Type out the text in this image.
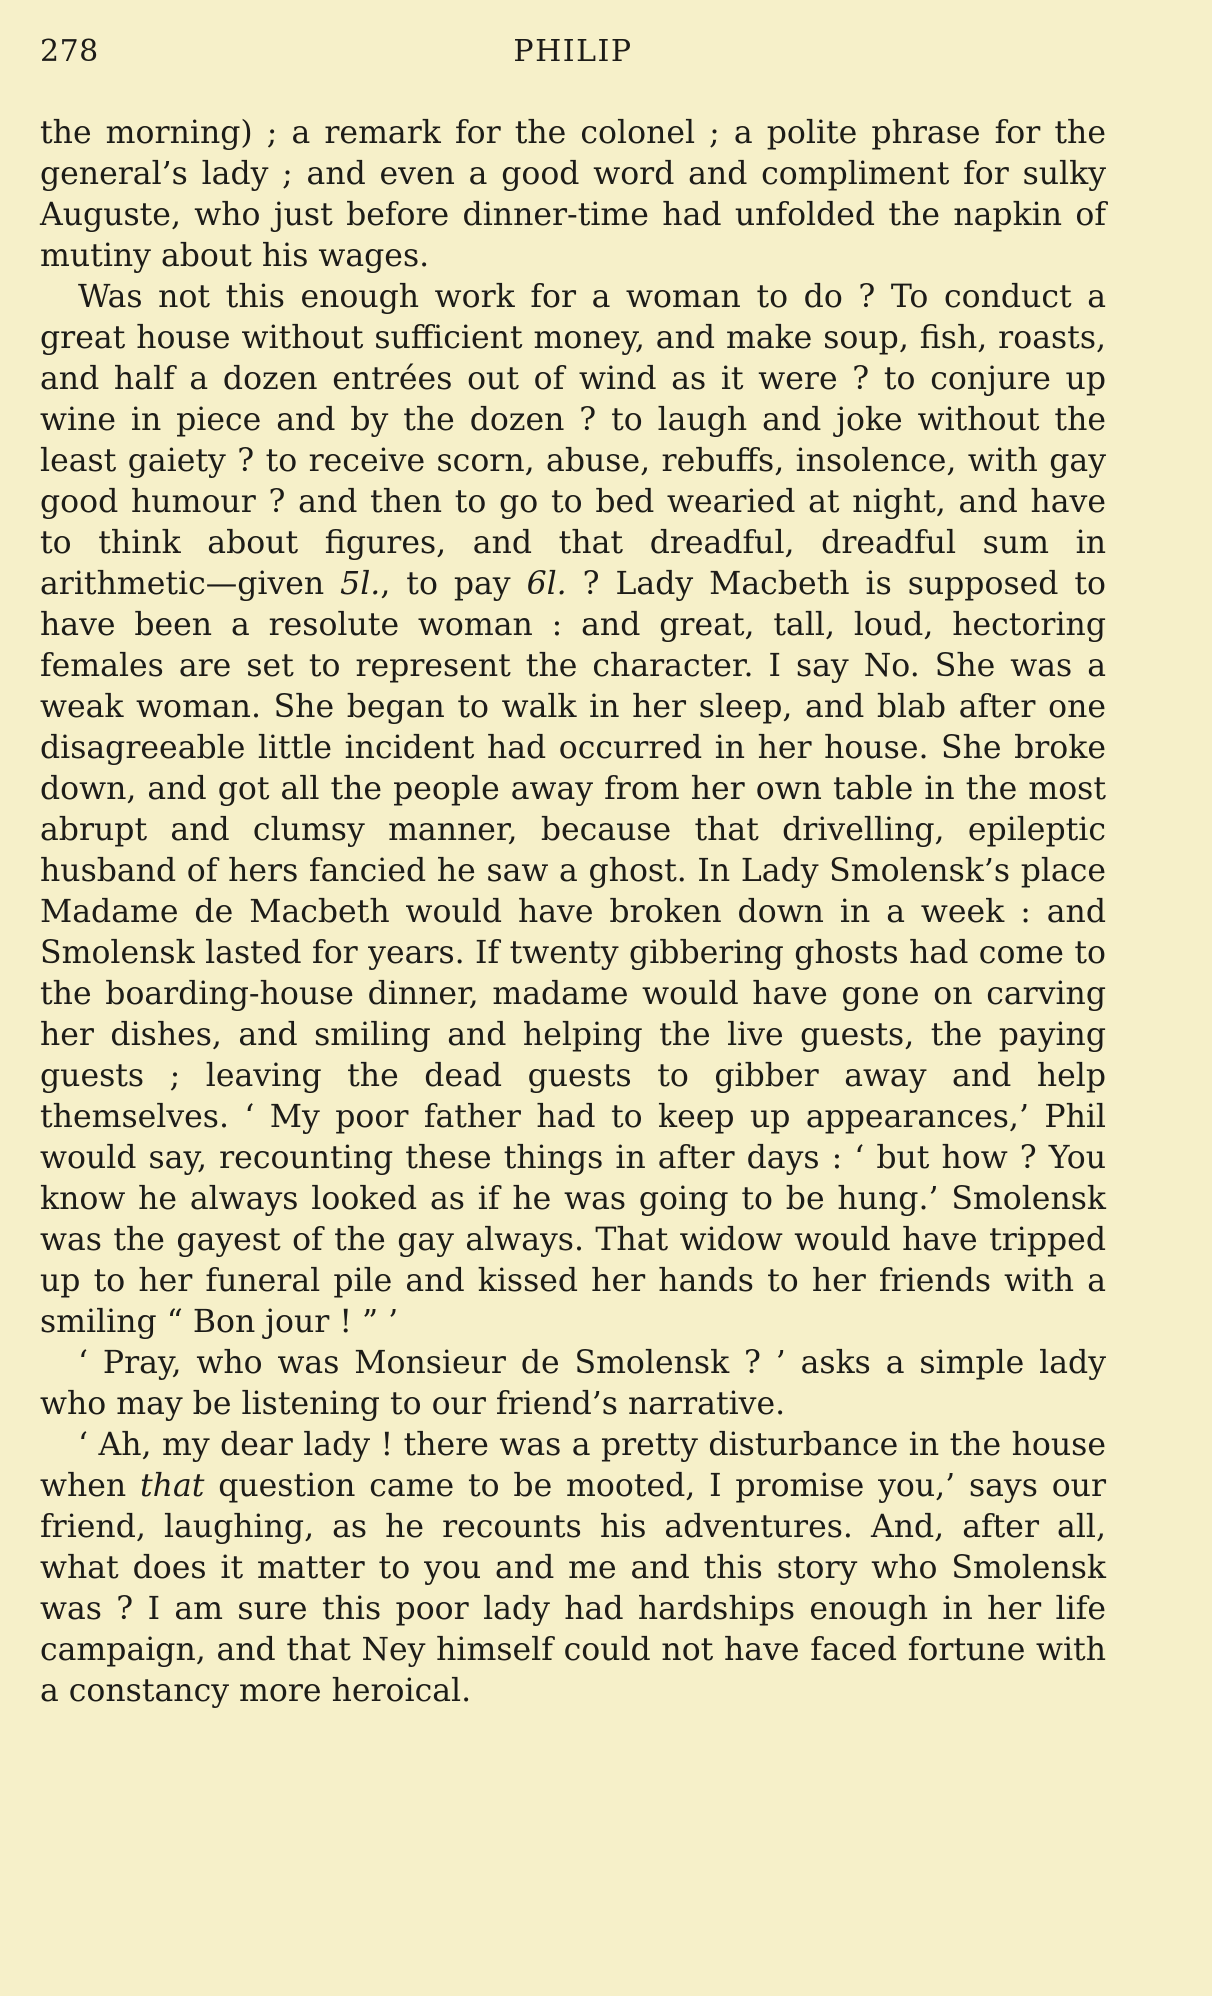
278	PHILIP

the morning) ; a remark for the colonel ; a polite phrase for the general’s lady ; and even a good word and compliment for sulky Auguste, who just before dinner-time had unfolded the napkin of mutiny about his wages.

Was not this enough work for a woman to do ? To conduct a great house without sufficient money, and make soup, fish, roasts, and half a dozen entrées out of wind as it were ? to conjure up wine in piece and by the dozen ? to laugh and joke without the least gaiety ? to receive scorn, abuse, rebuffs, insolence, with gay good humour ? and then to go to bed wearied at night, and have to think about figures, and that dreadful, dreadful sum in arithmetic—given 5l., to pay 6l. ? Lady Macbeth is supposed to have been a resolute woman : and great, tall, loud, hectoring females are set to represent the character. I say No. She was a weak woman. She began to walk in her sleep, and blab after one disagreeable little incident had occurred in her house. She broke down, and got all the people away from her own table in the most abrupt and clumsy manner, because that drivelling, epileptic husband of hers fancied he saw a ghost. In Lady Smolensk’s place Madame de Macbeth would have broken down in a week : and Smolensk lasted for years. If twenty gibbering ghosts had come to the boarding-house dinner, madame would have gone on carving her dishes, and smiling and helping the live guests, the paying guests ; leaving the dead guests to gibber away and help themselves. ‘ My poor father had to keep up appearances,’ Phil would say, recounting these things in after days : ‘ but how ? You know he always looked as if he was going to be hung.’ Smolensk was the gayest of the gay always. That widow would have tripped up to her funeral pile and kissed her hands to her friends with a smiling “ Bon jour ! ” ’

‘ Pray, who was Monsieur de Smolensk ? ’ asks a simple lady who may be listening to our friend’s narrative.

‘ Ah, my dear lady ! there was a pretty disturbance in the house when that question came to be mooted, I promise you,’ says our friend, laughing, as he recounts his adventures. And, after all, what does it matter to you and me and this story who Smolensk was ? I am sure this poor lady had hardships enough in her life campaign, and that Ney himself could not have faced fortune with a constancy more heroical.
